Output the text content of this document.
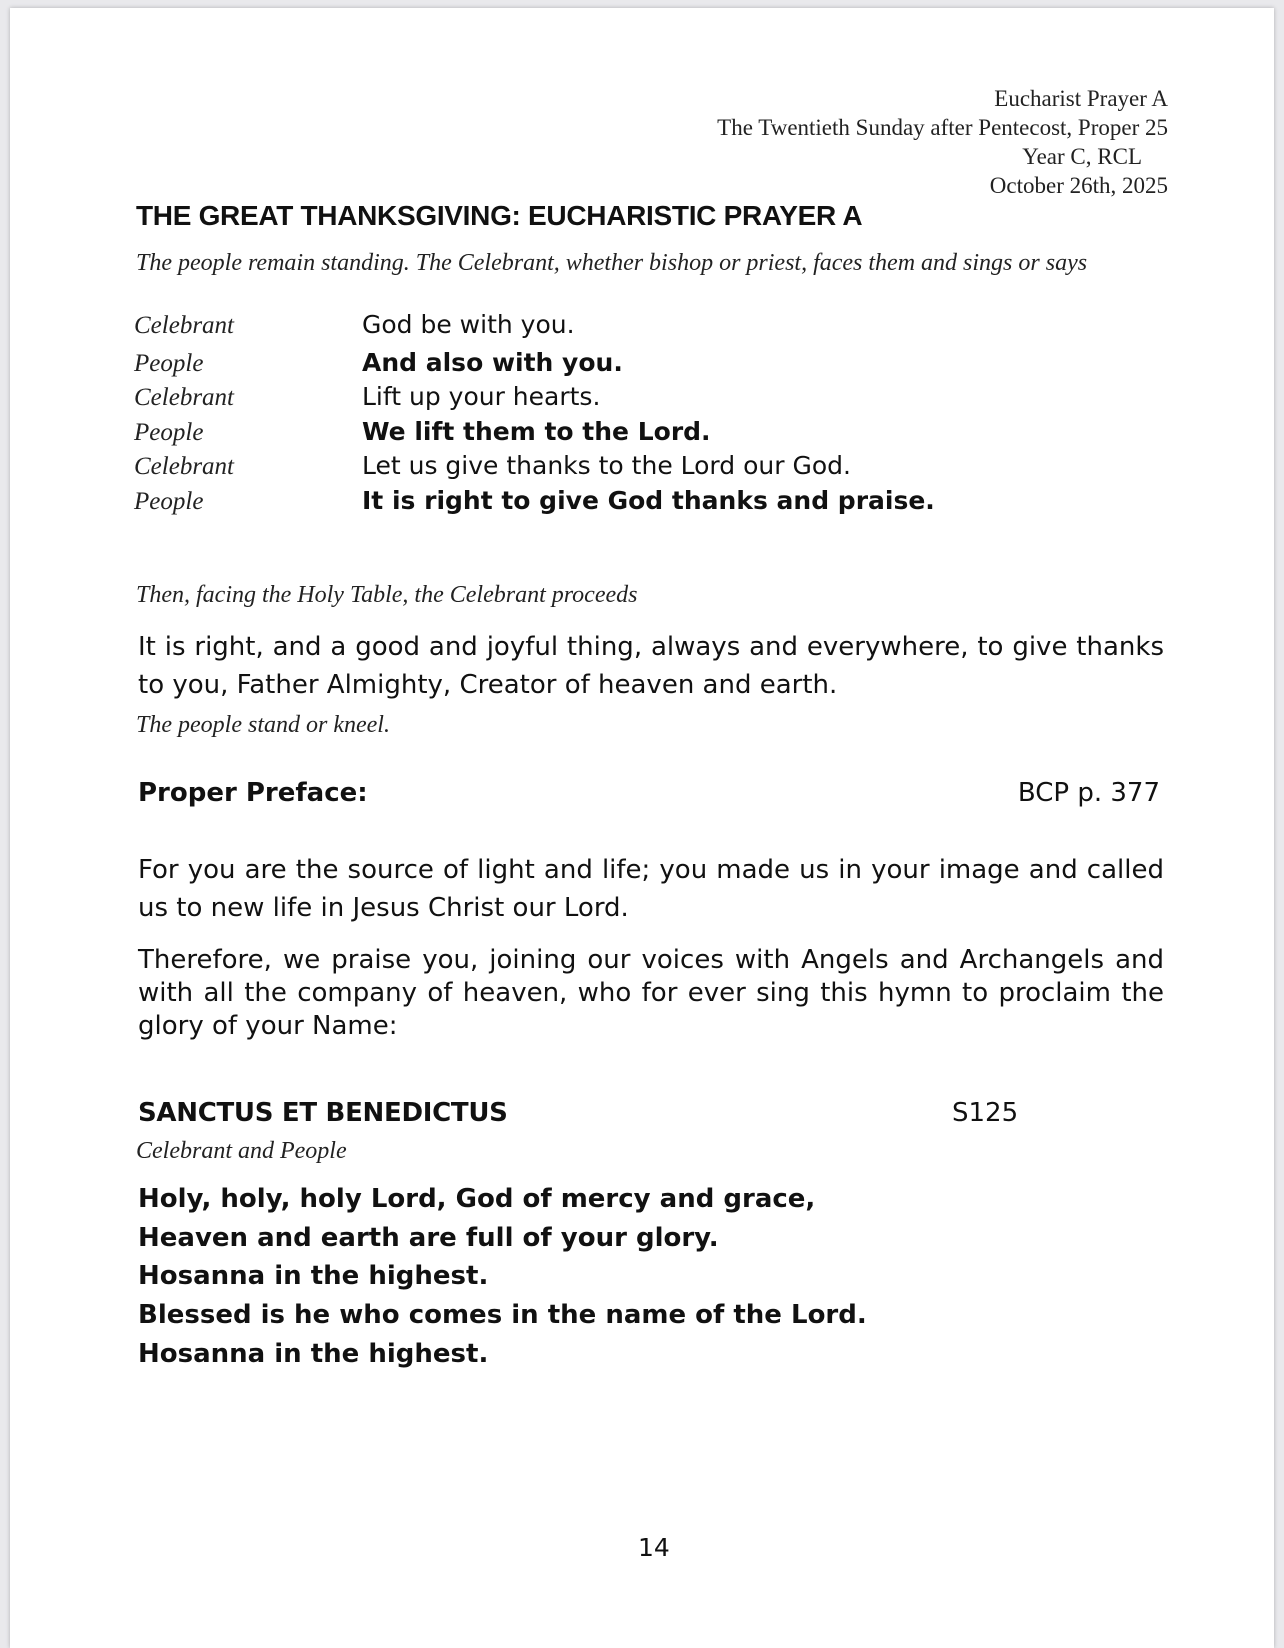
Eucharist Prayer A
The Twentieth Sunday after Pentecost, Proper 25
Year C, RCL
October 26th, 2025
THE GREAT THANKSGIVING: EUCHARISTIC PRAYER A
The people remain standing. The Celebrant, whether bishop or priest, faces them and sings or says
Celebrant	God be with you.
People	And also with you.
Celebrant	Lift up your hearts.
People	We lift them to the Lord.
Celebrant	Let us give thanks to the Lord our God.
People	It is right to give God thanks and praise.
Then, facing the Holy Table, the Celebrant proceeds
It is right, and a good and joyful thing, always and everywhere, to give thanks to you, Father Almighty, Creator of heaven and earth.
The people stand or kneel.
Proper Preface:	BCP p. 377
For you are the source of light and life; you made us in your image and called us to new life in Jesus Christ our Lord.
Therefore, we praise you, joining our voices with Angels and Archangels and with all the company of heaven, who for ever sing this hymn to proclaim the glory of your Name:
SANCTUS ET BENEDICTUS	S125
Celebrant and People
Holy, holy, holy Lord, God of mercy and grace,
Heaven and earth are full of your glory.
Hosanna in the highest.
Blessed is he who comes in the name of the Lord.
Hosanna in the highest.
14
